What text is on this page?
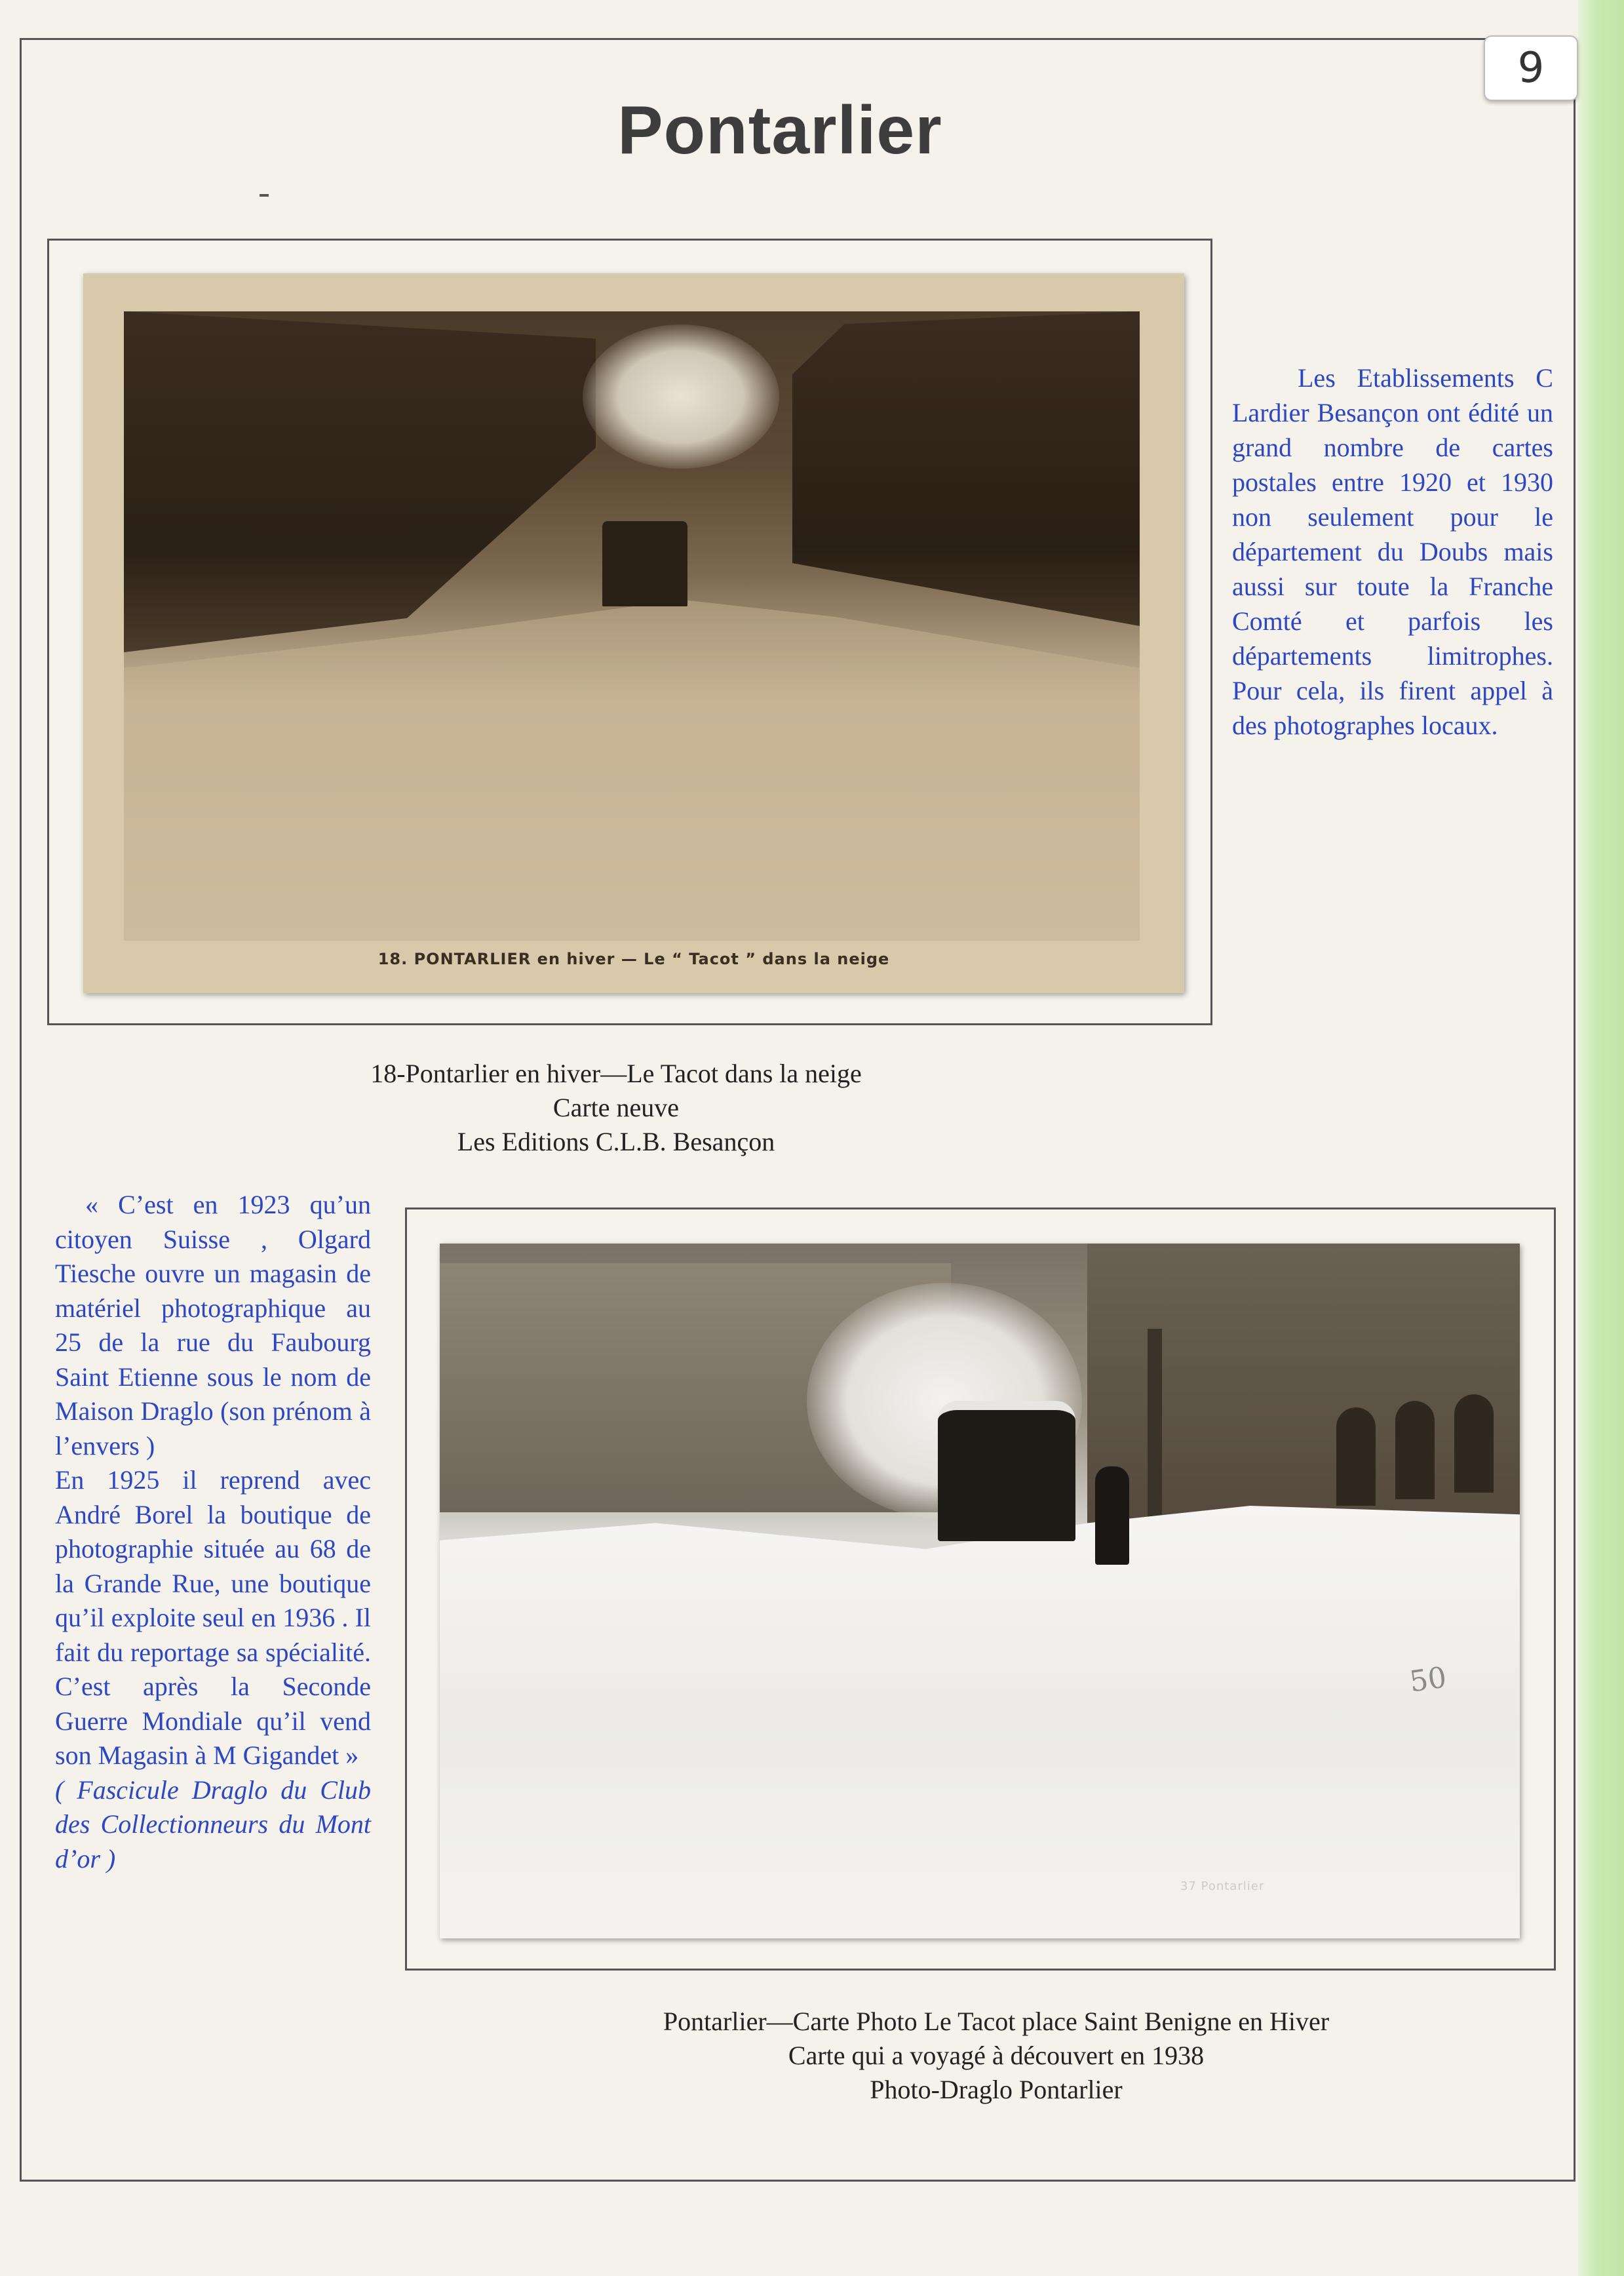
9
Pontarlier
18. PONTARLIER en hiver — Le “ Tacot ” dans la neige

Les Etablissements C Lardier Besançon ont édité un grand nombre de cartes postales entre 1920 et 1930 non seulement pour le département du Doubs mais aussi sur toute la Franche Comté et parfois les départements limitrophes. Pour cela, ils firent appel à des photographes locaux.

18-Pontarlier en hiver—Le Tacot dans la neige
Carte neuve
Les Editions C.L.B. Besançon

« C’est en 1923 qu’un citoyen Suisse , Olgard Tiesche ouvre un magasin de matériel photographique au 25 de la rue du Faubourg Saint Etienne sous le nom de Maison Draglo (son prénom à l’envers )

En 1925 il reprend avec André Borel la boutique de photographie située au 68 de la Grande Rue, une boutique qu’il exploite seul en 1936 . Il fait du reportage sa spécialité. C’est après la Seconde Guerre Mondiale qu’il vend son Magasin à M Gigandet »

( Fascicule Draglo du Club des Collectionneurs du Mont d’or )

50
37 Pontarlier
Pontarlier—Carte Photo Le Tacot place Saint Benigne en Hiver
Carte qui a voyagé à découvert en 1938
Photo-Draglo Pontarlier
